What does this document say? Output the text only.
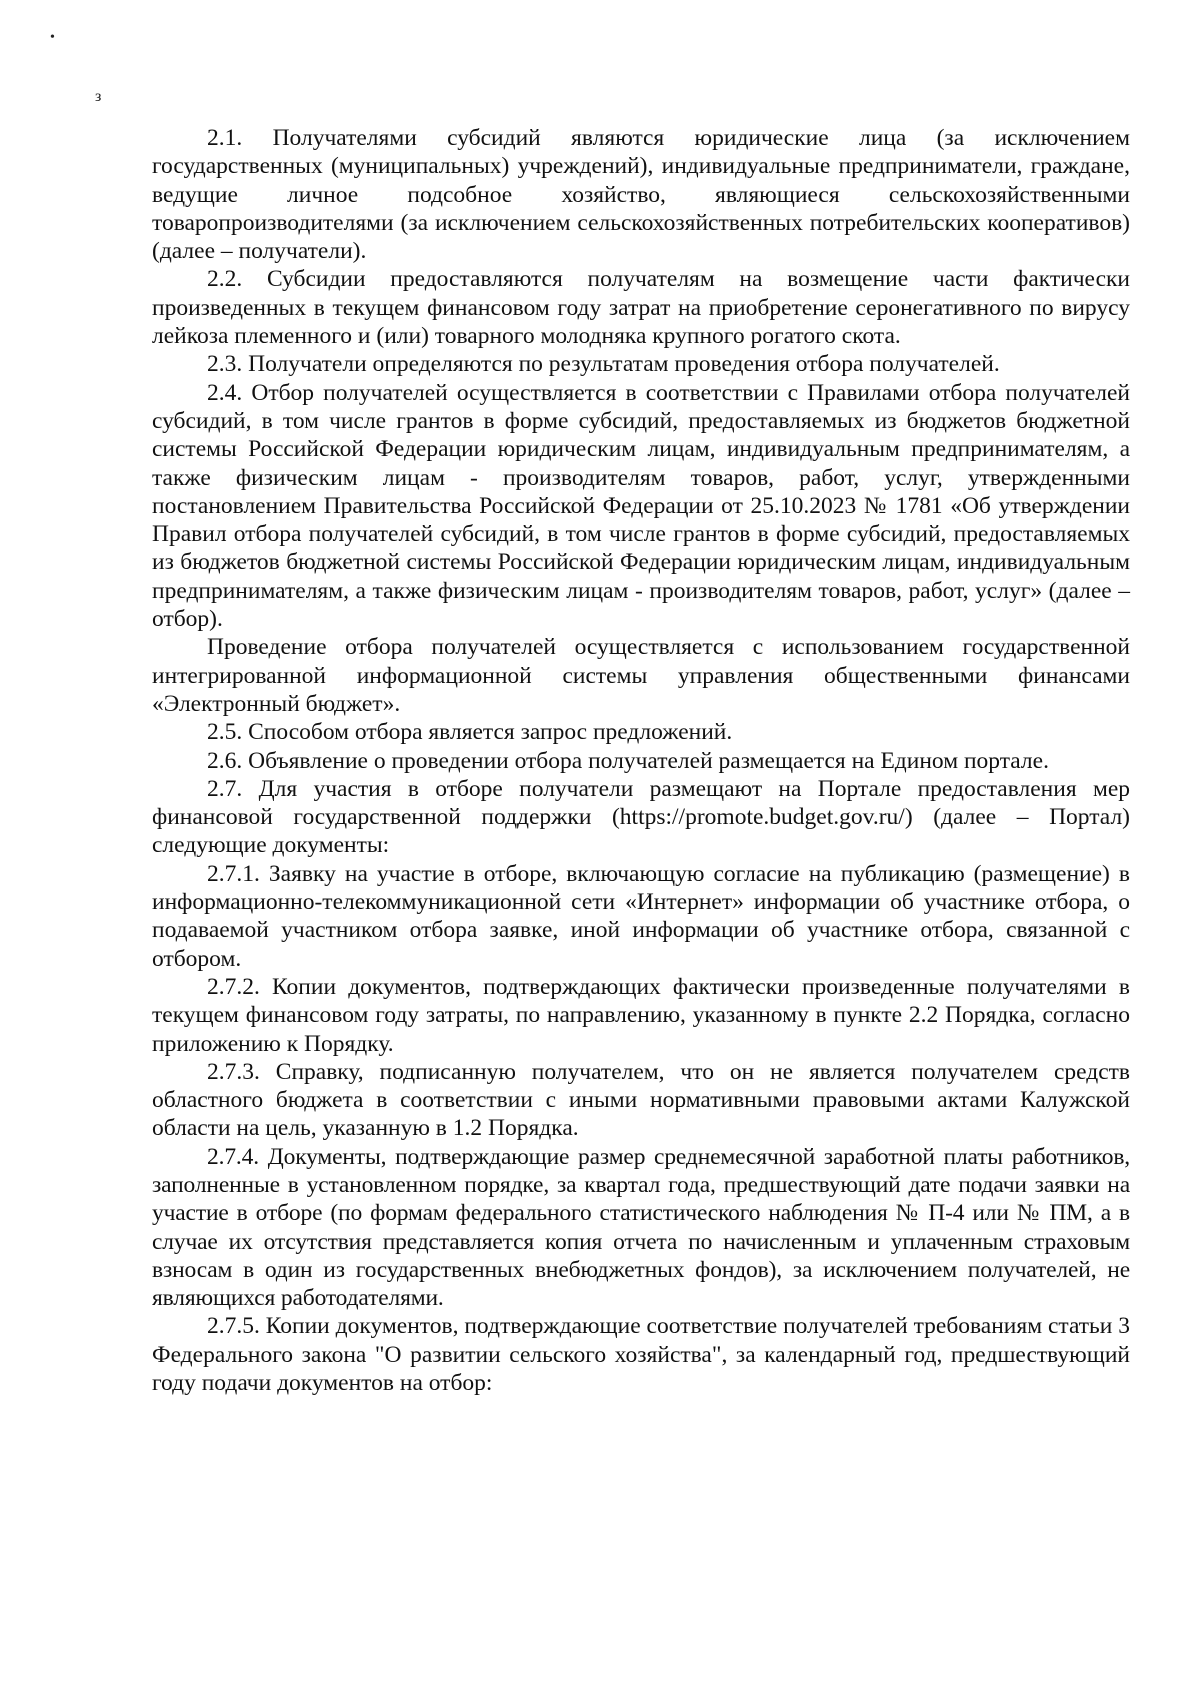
•
з

2.1. Получателями субсидий являются юридические лица (за исключением государственных (муниципальных) учреждений), индивидуальные предприниматели, граждане, ведущие личное подсобное хозяйство, являющиеся сельскохозяйственными товаропроизводителями (за исключением сельскохозяйственных потребительских кооперативов) (далее – получатели).

2.2. Субсидии предоставляются получателям на возмещение части фактически произведенных в текущем финансовом году затрат на приобретение серонегативного по вирусу лейкоза племенного и (или) товарного молодняка крупного рогатого скота.

2.3. Получатели определяются по результатам проведения отбора получателей.

2.4. Отбор получателей осуществляется в соответствии с Правилами отбора получателей субсидий, в том числе грантов в форме субсидий, предоставляемых из бюджетов бюджетной системы Российской Федерации юридическим лицам, индивидуальным предпринимателям, а также физическим лицам - производителям товаров, работ, услуг, утвержденными постановлением Правительства Российской Федерации от 25.10.2023 № 1781 «Об утверждении Правил отбора получателей субсидий, в том числе грантов в форме субсидий, предоставляемых из бюджетов бюджетной системы Российской Федерации юридическим лицам, индивидуальным предпринимателям, а также физическим лицам - производителям товаров, работ, услуг» (далее – отбор).

Проведение отбора получателей осуществляется с использованием государственной интегрированной информационной системы управления общественными финансами «Электронный бюджет».

2.5. Способом отбора является запрос предложений.

2.6. Объявление о проведении отбора получателей размещается на Едином портале.

2.7. Для участия в отборе получатели размещают на Портале предоставления мер финансовой государственной поддержки (https://promote.budget.gov.ru/) (далее – Портал) следующие документы:

2.7.1. Заявку на участие в отборе, включающую согласие на публикацию (размещение) в информационно-телекоммуникационной сети «Интернет» информации об участнике отбора, о подаваемой участником отбора заявке, иной информации об участнике отбора, связанной с отбором.

2.7.2. Копии документов, подтверждающих фактически произведенные получателями в текущем финансовом году затраты, по направлению, указанному в пункте 2.2 Порядка, согласно приложению к Порядку.

2.7.3. Справку, подписанную получателем, что он не является получателем средств областного бюджета в соответствии с иными нормативными правовыми актами Калужской области на цель, указанную в 1.2 Порядка.

2.7.4. Документы, подтверждающие размер среднемесячной заработной платы работников, заполненные в установленном порядке, за квартал года, предшествующий дате подачи заявки на участие в отборе (по формам федерального статистического наблюдения № П-4 или № ПМ, а в случае их отсутствия представляется копия отчета по начисленным и уплаченным страховым взносам в один из государственных внебюджетных фондов), за исключением получателей, не являющихся работодателями.

2.7.5. Копии документов, подтверждающие соответствие получателей требованиям статьи 3 Федерального закона "О развитии сельского хозяйства", за календарный год, предшествующий году подачи документов на отбор:
